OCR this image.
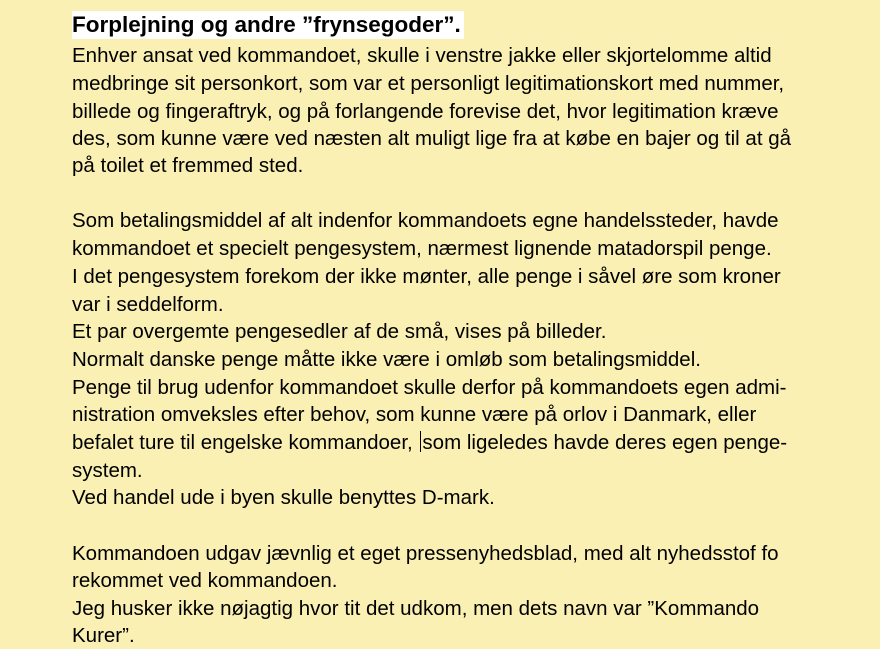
Forplejning og andre ”frynsegoder”.
Enhver ansat ved kommandoet, skulle i venstre jakke eller skjortelomme altid
medbringe sit personkort, som var et personligt legitimationskort med nummer,
billede og fingeraftryk, og på forlangende forevise det, hvor legitimation kræve
des, som kunne være ved næsten alt muligt lige fra at købe en bajer og til at gå
på toilet et fremmed sted.
Som betalingsmiddel af alt indenfor kommandoets egne handelssteder, havde
kommandoet et specielt pengesystem, nærmest lignende matadorspil penge.
I det pengesystem forekom der ikke mønter, alle penge i såvel øre som kroner
var i seddelform.
Et par overgemte pengesedler af de små, vises på billeder.
Normalt danske penge måtte ikke være i omløb som betalingsmiddel.
Penge til brug udenfor kommandoet skulle derfor på kommandoets egen admi-
nistration omveksles efter behov, som kunne være på orlov i Danmark, eller
befalet ture til engelske kommandoer, som ligeledes havde deres egen penge-
system.
Ved handel ude i byen skulle benyttes D-mark.
Kommandoen udgav jævnlig et eget pressenyhedsblad, med alt nyhedsstof fo
rekommet ved kommandoen.
Jeg husker ikke nøjagtig hvor tit det udkom, men dets navn var ”Kommando
Kurer”.
